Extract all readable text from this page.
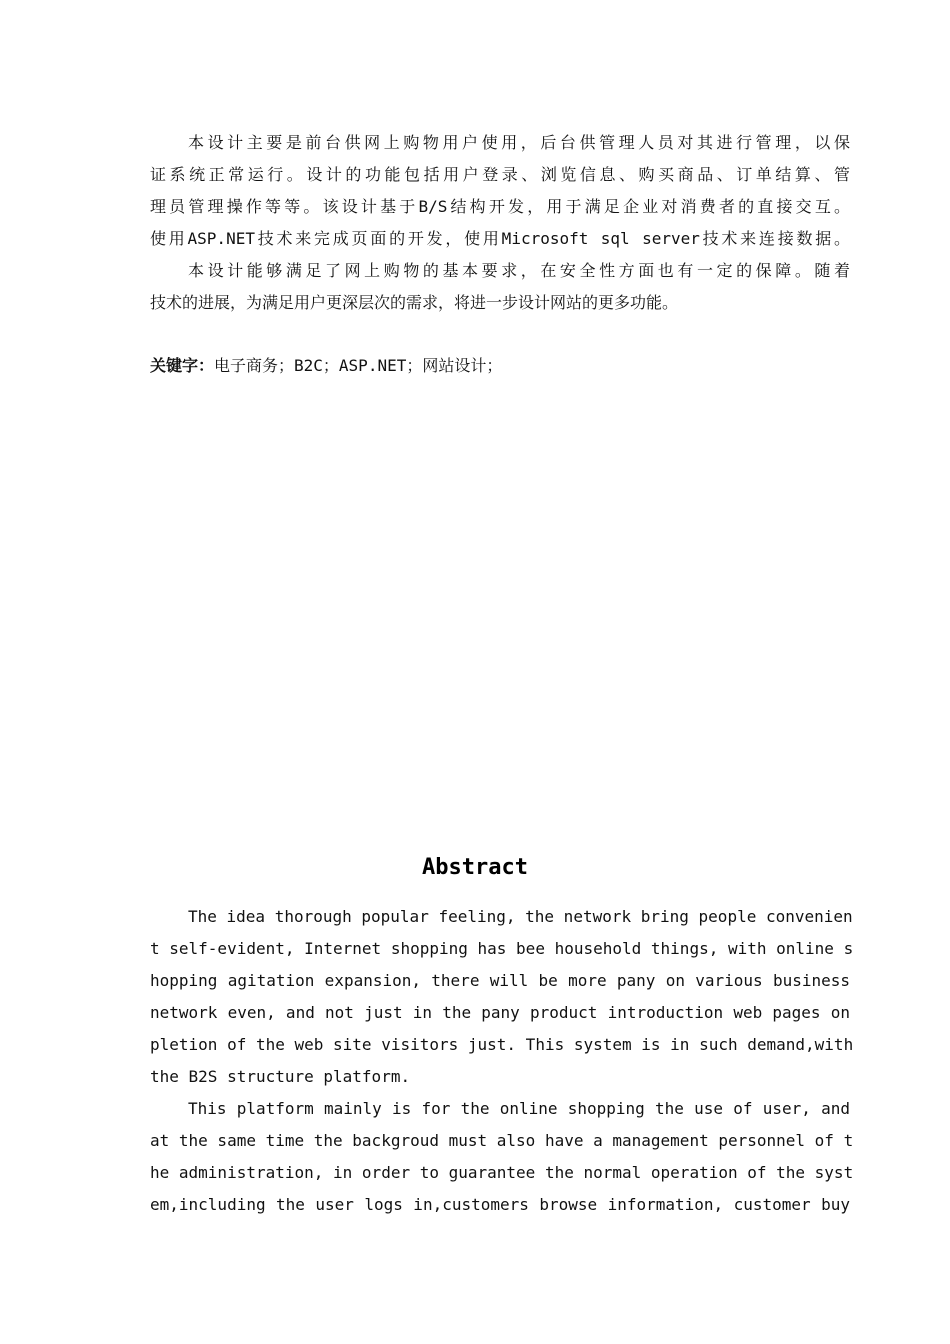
本设计主要是前台供网上购物用户使用，后台供管理人员对其进行管理，以保
证系统正常运行。设计的功能包括用户登录、浏览信息、购买商品、订单结算、管
理员管理操作等等。该设计基于B/S结构开发，用于满足企业对消费者的直接交互。
使用ASP.NET技术来完成页面的开发，使用Microsoft sql server技术来连接数据。
本设计能够满足了网上购物的基本要求，在安全性方面也有一定的保障。随着
技术的进展，为满足用户更深层次的需求，将进一步设计网站的更多功能。
关键字：电子商务；B2C；ASP.NET；网站设计；
Abstract
The idea thorough popular feeling, the network bring people convenien
t self-evident, Internet shopping has bee household things, with online s
hopping agitation expansion, there will be more pany on various business
network even, and not just in the pany product introduction web pages on
pletion of the web site visitors just. This system is in such demand,with
the B2S structure platform.
This platform mainly is for the online shopping the use of user, and
at the same time the backgroud must also have a management personnel of t
he administration, in order to guarantee the normal operation of the syst
em,including the user logs in,customers browse information, customer buy
